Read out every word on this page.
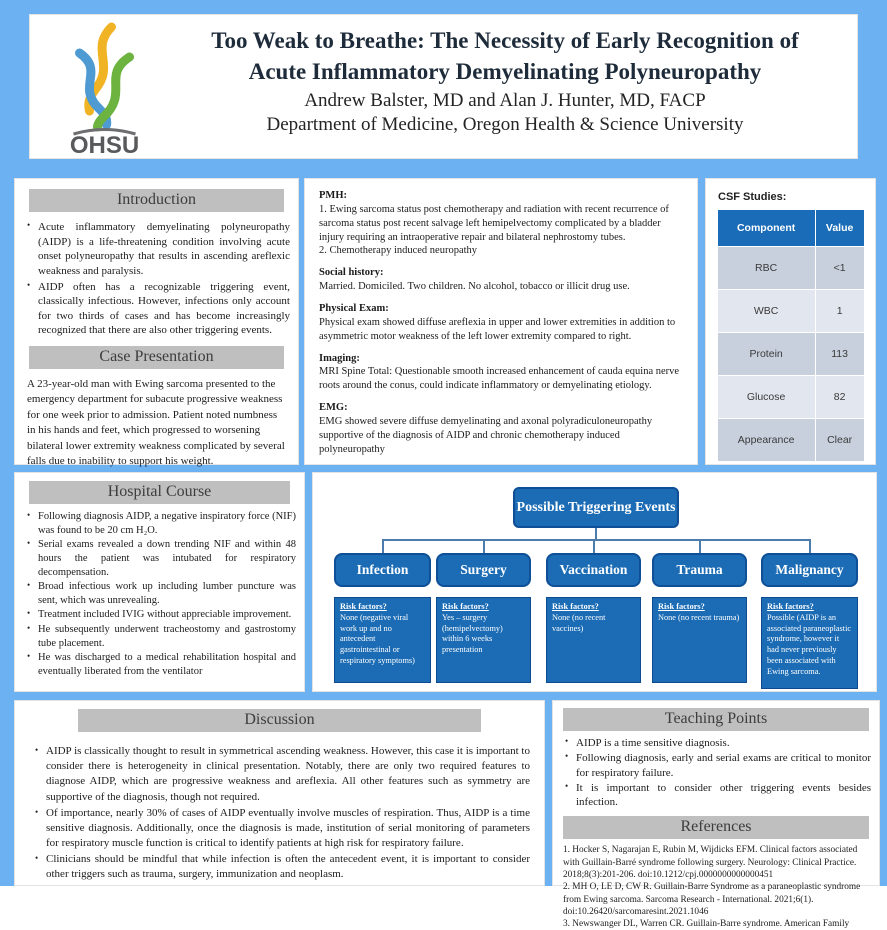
OHSU
Too Weak to Breathe: The Necessity of Early Recognition of
Acute Inflammatory Demyelinating Polyneuropathy
Andrew Balster, MD and Alan J. Hunter, MD, FACP
Department of Medicine, Oregon Health & Science University
Introduction
• Acute inflammatory demyelinating polyneuropathy (AIDP) is a life-threatening condition involving acute onset polyneuropathy that results in ascending areflexic weakness and paralysis.
• AIDP often has a recognizable triggering event, classically infectious. However, infections only account for two thirds of cases and has become increasingly recognized that there are also other triggering events.
Case Presentation
A 23-year-old man with Ewing sarcoma presented to the emergency department for subacute progressive weakness for one week prior to admission. Patient noted numbness in his hands and feet, which progressed to worsening bilateral lower extremity weakness complicated by several falls due to inability to support his weight.
PMH:
1. Ewing sarcoma status post chemotherapy and radiation with recent recurrence of sarcoma status post recent salvage left hemipelvectomy complicated by a bladder injury requiring an intraoperative repair and bilateral nephrostomy tubes.
2. Chemotherapy induced neuropathy
Social history:
Married. Domiciled. Two children. No alcohol, tobacco or illicit drug use.
Physical Exam:
Physical exam showed diffuse areflexia in upper and lower extremities in addition to asymmetric motor weakness of the left lower extremity compared to right.
Imaging:
MRI Spine Total: Questionable smooth increased enhancement of cauda equina nerve roots around the conus, could indicate inflammatory or demyelinating etiology.
EMG:
EMG showed severe diffuse demyelinating and axonal polyradiculoneuropathy supportive of the diagnosis of AIDP and chronic chemotherapy induced polyneuropathy
CSF Studies:
Component	Value
RBC	<1
WBC	1
Protein	113
Glucose	82
Appearance	Clear
Hospital Course
• Following diagnosis AIDP, a negative inspiratory force (NIF) was found to be 20 cm H₂O.
• Serial exams revealed a down trending NIF and within 48 hours the patient was intubated for respiratory decompensation.
• Broad infectious work up including lumber puncture was sent, which was unrevealing.
• Treatment included IVIG without appreciable improvement.
• He subsequently underwent tracheostomy and gastrostomy tube placement.
• He was discharged to a medical rehabilitation hospital and eventually liberated from the ventilator
Possible Triggering Events
Infection	Surgery	Vaccination	Trauma	Malignancy
Risk factors?
None (negative viral work up and no antecedent gastrointestinal or respiratory symptoms)
Risk factors?
Yes – surgery (hemipelvectomy) within 6 weeks presentation
Risk factors?
None (no recent vaccines)
Risk factors?
None (no recent trauma)
Risk factors?
Possible (AIDP is an associated paraneoplastic syndrome, however it had never previously been associated with Ewing sarcoma.
Discussion
• AIDP is classically thought to result in symmetrical ascending weakness. However, this case it is important to consider there is heterogeneity in clinical presentation. Notably, there are only two required features to diagnose AIDP, which are progressive weakness and areflexia. All other features such as symmetry are supportive of the diagnosis, though not required.
• Of importance, nearly 30% of cases of AIDP eventually involve muscles of respiration. Thus, AIDP is a time sensitive diagnosis. Additionally, once the diagnosis is made, institution of serial monitoring of parameters for respiratory muscle function is critical to identify patients at high risk for respiratory failure.
• Clinicians should be mindful that while infection is often the antecedent event, it is important to consider other triggers such as trauma, surgery, immunization and neoplasm.
Teaching Points
• AIDP is a time sensitive diagnosis.
• Following diagnosis, early and serial exams are critical to monitor for respiratory failure.
• It is important to consider other triggering events besides infection.
References

1. Hocker S, Nagarajan E, Rubin M, Wijdicks EFM. Clinical factors associated with Guillain-Barré syndrome following surgery. Neurology: Clinical Practice. 2018;8(3):201-206. doi:10.1212/cpj.0000000000000451

2. MH O, LE D, CW R. Guillain-Barre Syndrome as a paraneoplastic syndrome from Ewing sarcoma. Sarcoma Research - International. 2021;6(1). doi:10.26420/sarcomaresint.2021.1046

3. Newswanger DL, Warren CR. Guillain-Barre syndrome. American Family
